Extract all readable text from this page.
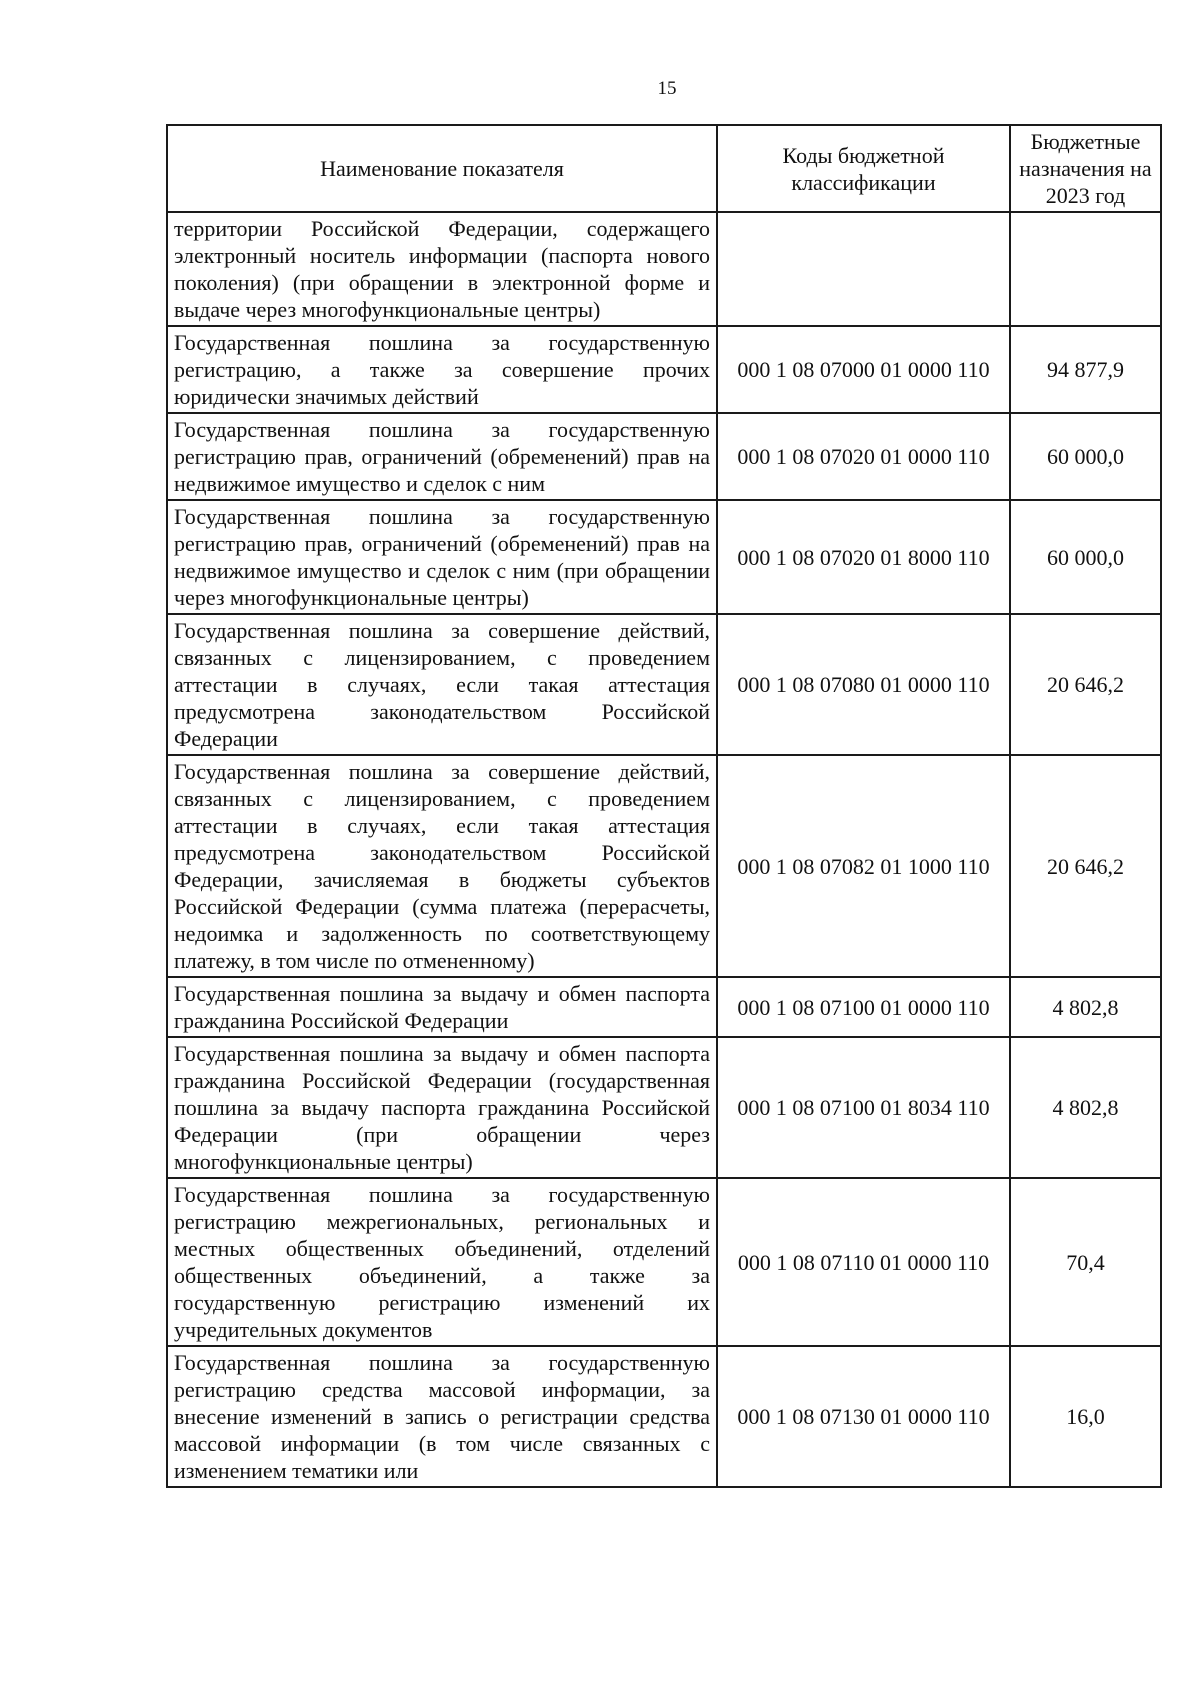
15
Наименование показателя	Коды бюджетной классификации	Бюджетные назначения на 2023 год
территории Российской Федерации, содержащего электронный носитель информации (паспорта нового поколения) (при обращении в электронной форме и выдаче через многофункциональные центры)		
Государственная пошлина за государственную регистрацию, а также за совершение прочих юридически значимых действий	000 1 08 07000 01 0000 110	94 877,9
Государственная пошлина за государственную регистрацию прав, ограничений (обременений) прав на недвижимое имущество и сделок с ним	000 1 08 07020 01 0000 110	60 000,0
Государственная пошлина за государственную регистрацию прав, ограничений (обременений) прав на недвижимое имущество и сделок с ним (при обращении через многофункциональные центры)	000 1 08 07020 01 8000 110	60 000,0
Государственная пошлина за совершение действий, связанных с лицензированием, с проведением аттестации в случаях, если такая аттестация предусмотрена законодательством Российской Федерации	000 1 08 07080 01 0000 110	20 646,2
Государственная пошлина за совершение действий, связанных с лицензированием, с проведением аттестации в случаях, если такая аттестация предусмотрена законодательством Российской Федерации, зачисляемая в бюджеты субъектов Российской Федерации (сумма платежа (перерасчеты, недоимка и задолженность по соответствующему платежу, в том числе по отмененному)	000 1 08 07082 01 1000 110	20 646,2
Государственная пошлина за выдачу и обмен паспорта гражданина Российской Федерации	000 1 08 07100 01 0000 110	4 802,8
Государственная пошлина за выдачу и обмен паспорта гражданина Российской Федерации (государственная пошлина за выдачу паспорта гражданина Российской Федерации (при обращении через многофункциональные центры)	000 1 08 07100 01 8034 110	4 802,8
Государственная пошлина за государственную регистрацию межрегиональных, региональных и местных общественных объединений, отделений общественных объединений, а также за государственную регистрацию изменений их учредительных документов	000 1 08 07110 01 0000 110	70,4
Государственная пошлина за государственную регистрацию средства массовой информации, за внесение изменений в запись о регистрации средства массовой информации (в том числе связанных с изменением тематики или	000 1 08 07130 01 0000 110	16,0
